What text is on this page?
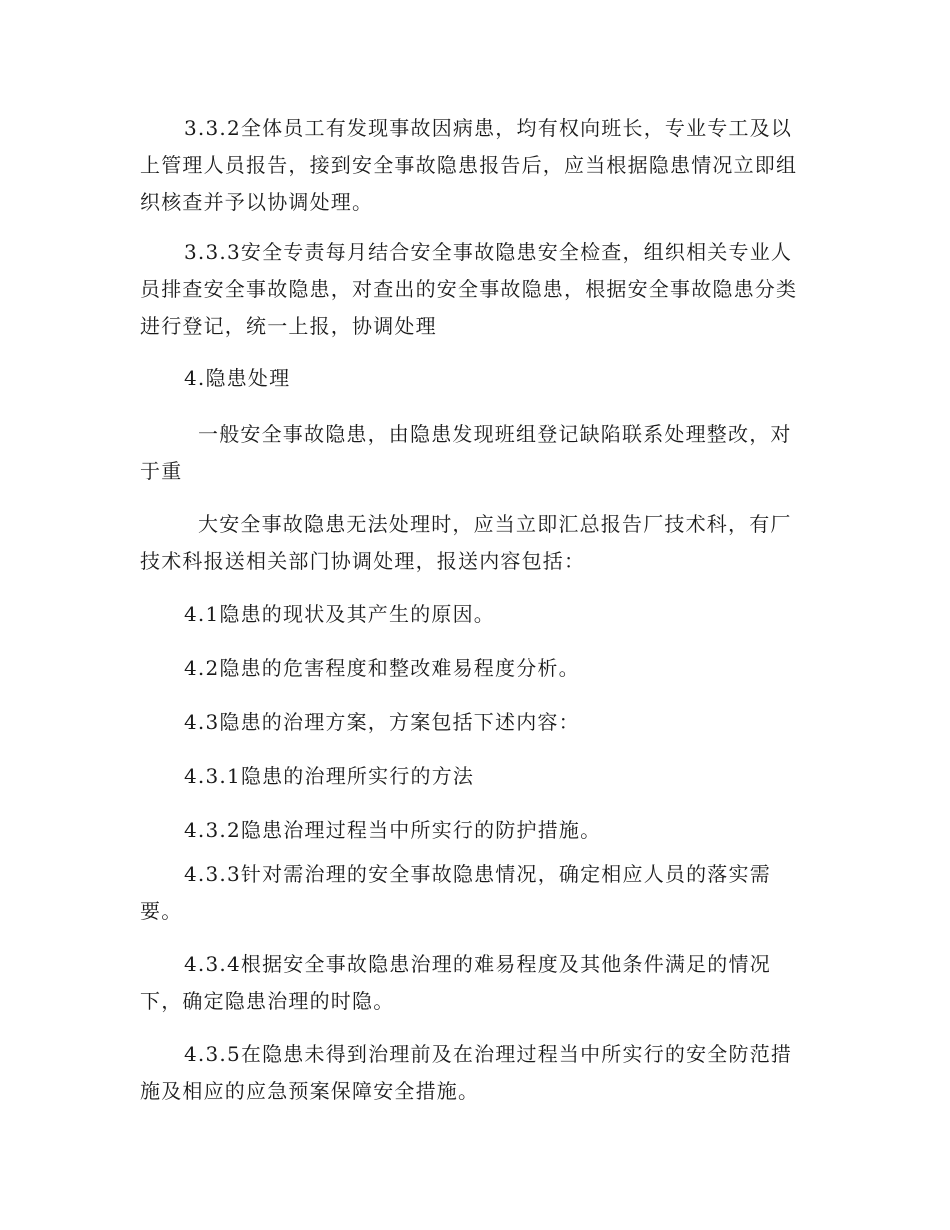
3.3.2全体员工有发现事故因病患，均有权向班长，专业专工及以上管理人员报告，接到安全事故隐患报告后，应当根据隐患情况立即组织核查并予以协调处理。

3.3.3安全专责每月结合安全事故隐患安全检查，组织相关专业人员排查安全事故隐患，对查出的安全事故隐患，根据安全事故隐患分类进行登记，统一上报，协调处理

4.隐患处理

一般安全事故隐患，由隐患发现班组登记缺陷联系处理整改，对于重

大安全事故隐患无法处理时，应当立即汇总报告厂技术科，有厂技术科报送相关部门协调处理，报送内容包括：

4.1隐患的现状及其产生的原因。

4.2隐患的危害程度和整改难易程度分析。

4.3隐患的治理方案，方案包括下述内容：

4.3.1隐患的治理所实行的方法

4.3.2隐患治理过程当中所实行的防护措施。

4.3.3针对需治理的安全事故隐患情况，确定相应人员的落实需要。

4.3.4根据安全事故隐患治理的难易程度及其他条件满足的情况下，确定隐患治理的时隐。

4.3.5在隐患未得到治理前及在治理过程当中所实行的安全防范措施及相应的应急预案保障安全措施。
